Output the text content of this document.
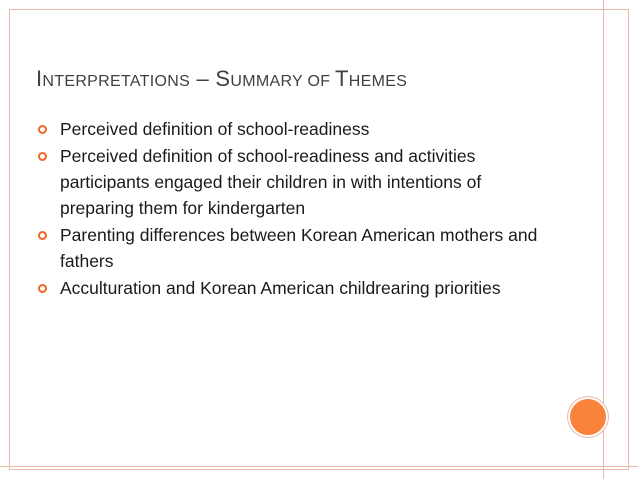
INTERPRETATIONS – SUMMARY OF THEMES
Perceived definition of school-readiness
Perceived definition of school-readiness and activities participants engaged their children in with intentions of preparing them for kindergarten
Parenting differences between Korean American mothers and fathers
Acculturation and Korean American childrearing priorities
